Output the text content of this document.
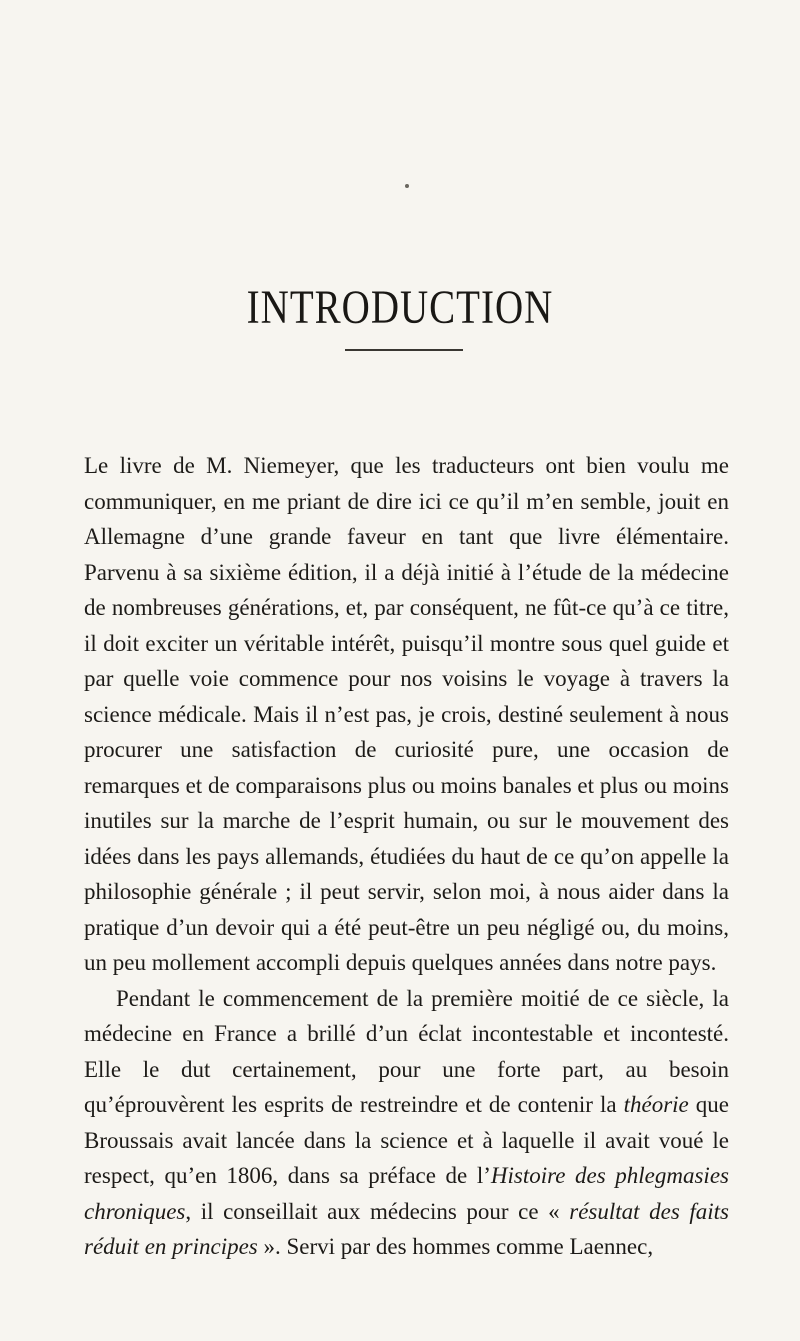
INTRODUCTION

Le livre de M. Niemeyer, que les traducteurs ont bien voulu me communiquer, en me priant de dire ici ce qu’il m’en semble, jouit en Allemagne d’une grande faveur en tant que livre élémentaire. Parvenu à sa sixième édition, il a déjà initié à l’étude de la médecine de nombreuses générations, et, par conséquent, ne fût-ce qu’à ce titre, il doit exciter un véritable intérêt, puisqu’il montre sous quel guide et par quelle voie commence pour nos voisins le voyage à travers la science médicale. Mais il n’est pas, je crois, destiné seulement à nous procurer une satisfaction de curiosité pure, une occasion de remarques et de comparaisons plus ou moins banales et plus ou moins inutiles sur la marche de l’esprit humain, ou sur le mouvement des idées dans les pays allemands, étudiées du haut de ce qu’on appelle la philosophie générale ; il peut servir, selon moi, à nous aider dans la pratique d’un devoir qui a été peut-être un peu négligé ou, du moins, un peu mollement accompli depuis quelques années dans notre pays.

Pendant le commencement de la première moitié de ce siècle, la médecine en France a brillé d’un éclat incontestable et incontesté. Elle le dut certainement, pour une forte part, au besoin qu’éprouvèrent les esprits de restreindre et de contenir la théorie que Broussais avait lancée dans la science et à laquelle il avait voué le respect, qu’en 1806, dans sa préface de l’Histoire des phlegmasies chroniques, il conseillait aux médecins pour ce « résultat des faits réduit en principes ». Servi par des hommes comme Laennec,
